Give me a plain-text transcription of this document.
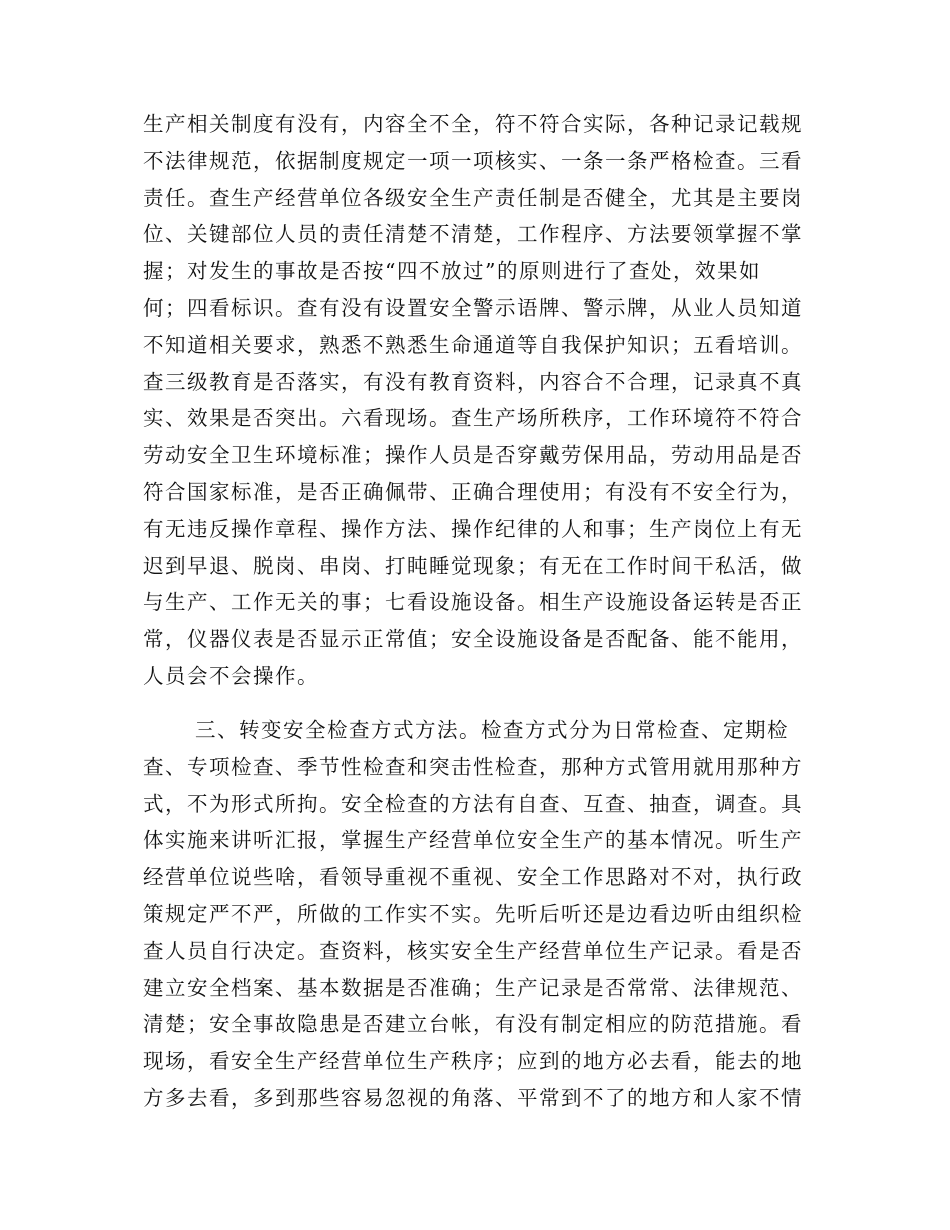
生产相关制度有没有，内容全不全，符不符合实际，各种记录记载规
不法律规范，依据制度规定一项一项核实、一条一条严格检查。三看
责任。查生产经营单位各级安全生产责任制是否健全，尤其是主要岗
位、关键部位人员的责任清楚不清楚，工作程序、方法要领掌握不掌
握；对发生的事故是否按“四不放过”的原则进行了查处，效果如
何；四看标识。查有没有设置安全警示语牌、警示牌，从业人员知道
不知道相关要求，熟悉不熟悉生命通道等自我保护知识；五看培训。
查三级教育是否落实，有没有教育资料，内容合不合理，记录真不真
实、效果是否突出。六看现场。查生产场所秩序，工作环境符不符合
劳动安全卫生环境标准；操作人员是否穿戴劳保用品，劳动用品是否
符合国家标准，是否正确佩带、正确合理使用；有没有不安全行为，
有无违反操作章程、操作方法、操作纪律的人和事；生产岗位上有无
迟到早退、脱岗、串岗、打盹睡觉现象；有无在工作时间干私活，做
与生产、工作无关的事；七看设施设备。相生产设施设备运转是否正
常，仪器仪表是否显示正常值；安全设施设备是否配备、能不能用，
人员会不会操作。
三、转变安全检查方式方法。检查方式分为日常检查、定期检
查、专项检查、季节性检查和突击性检查，那种方式管用就用那种方
式，不为形式所拘。安全检查的方法有自查、互查、抽查，调查。具
体实施来讲听汇报，掌握生产经营单位安全生产的基本情况。听生产
经营单位说些啥，看领导重视不重视、安全工作思路对不对，执行政
策规定严不严，所做的工作实不实。先听后听还是边看边听由组织检
查人员自行决定。查资料，核实安全生产经营单位生产记录。看是否
建立安全档案、基本数据是否准确；生产记录是否常常、法律规范、
清楚；安全事故隐患是否建立台帐，有没有制定相应的防范措施。看
现场，看安全生产经营单位生产秩序；应到的地方必去看，能去的地
方多去看，多到那些容易忽视的角落、平常到不了的地方和人家不情
